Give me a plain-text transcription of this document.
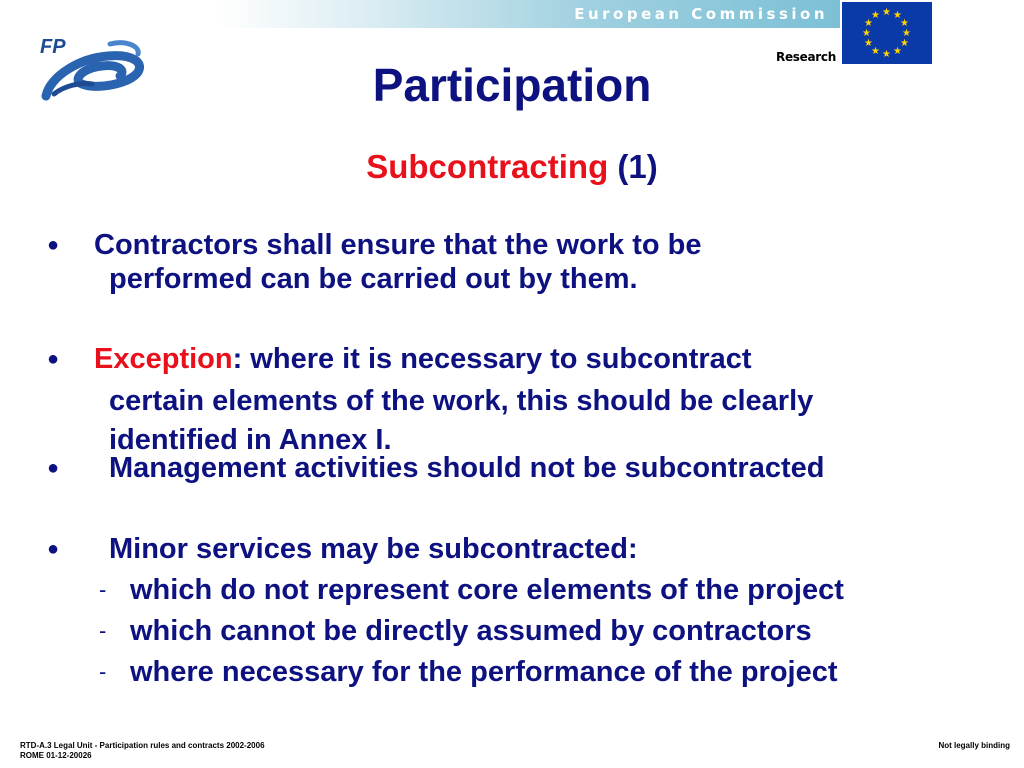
European Commission	★ ★
★
★
★
★
★
★
★
★
★
★
Research
FP
Participation
Subcontracting (1)
● Contractors shall ensure that the work to be
performed can be carried out by them.
● Exception: where it is necessary to subcontract
certain elements of the work, this should be clearly
identified in Annex I.
● Management activities should not be subcontracted
● Minor services may be subcontracted:
- which do not represent core elements of the project
- which cannot be directly assumed by contractors
- where necessary for the performance of the project
RTD-A.3 Legal Unit - Participation rules and contracts 2002-2006
ROME 01-12-20026
Not legally binding
